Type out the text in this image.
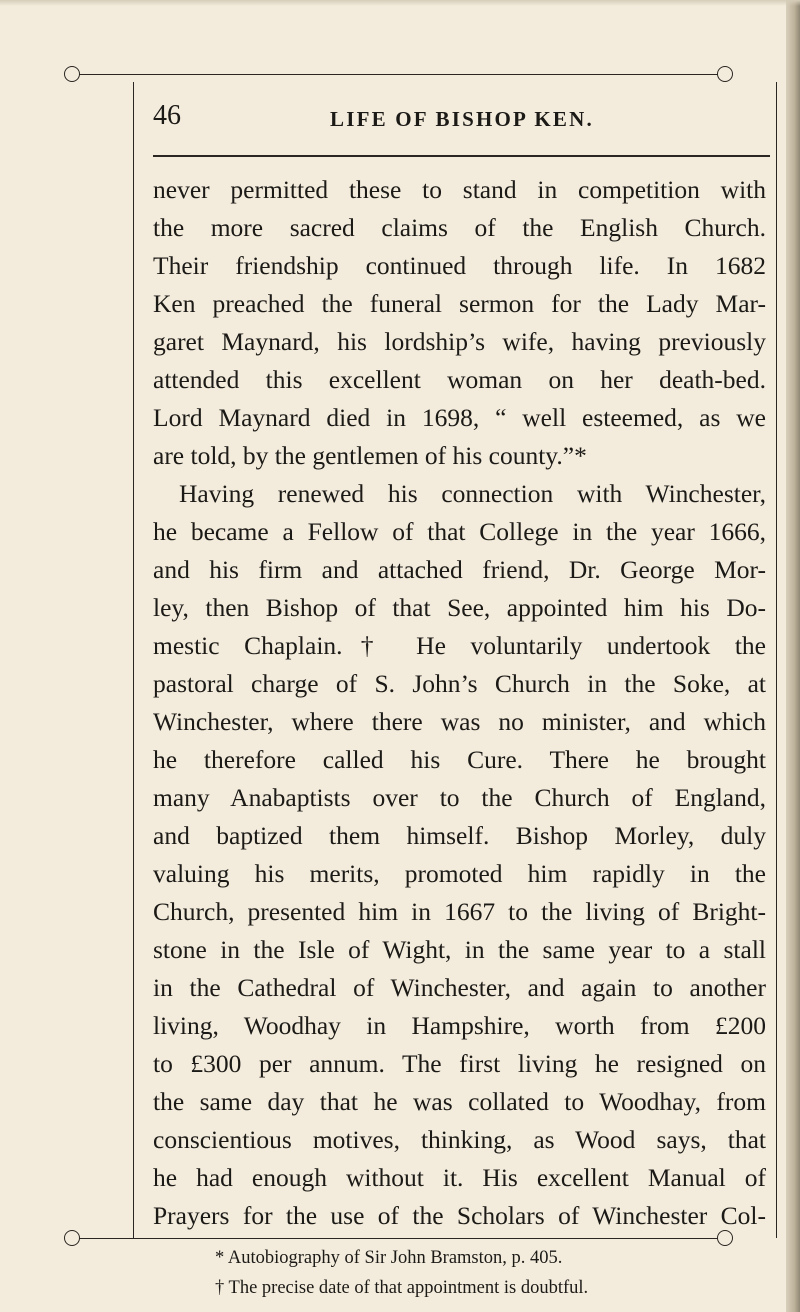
46	LIFE OF BISHOP KEN.
never permitted these to stand in competition with
the more sacred claims of the English Church.
Their friendship continued through life. In 1682
Ken preached the funeral sermon for the Lady Mar-
garet Maynard, his lordship’s wife, having previously
attended this excellent woman on her death-bed.
Lord Maynard died in 1698, “ well esteemed, as we
are told, by the gentlemen of his county.”*
Having renewed his connection with Winchester,
he became a Fellow of that College in the year 1666,
and his firm and attached friend, Dr. George Mor-
ley, then Bishop of that See, appointed him his Do-
mestic Chaplain.† He voluntarily undertook the
pastoral charge of S. John’s Church in the Soke, at
Winchester, where there was no minister, and which
he therefore called his Cure. There he brought
many Anabaptists over to the Church of England,
and baptized them himself. Bishop Morley, duly
valuing his merits, promoted him rapidly in the
Church, presented him in 1667 to the living of Bright-
stone in the Isle of Wight, in the same year to a stall
in the Cathedral of Winchester, and again to another
living, Woodhay in Hampshire, worth from £200
to £300 per annum. The first living he resigned on
the same day that he was collated to Woodhay, from
conscientious motives, thinking, as Wood says, that
he had enough without it. His excellent Manual of
Prayers for the use of the Scholars of Winchester Col-
* Autobiography of Sir John Bramston, p. 405.
† The precise date of that appointment is doubtful.
